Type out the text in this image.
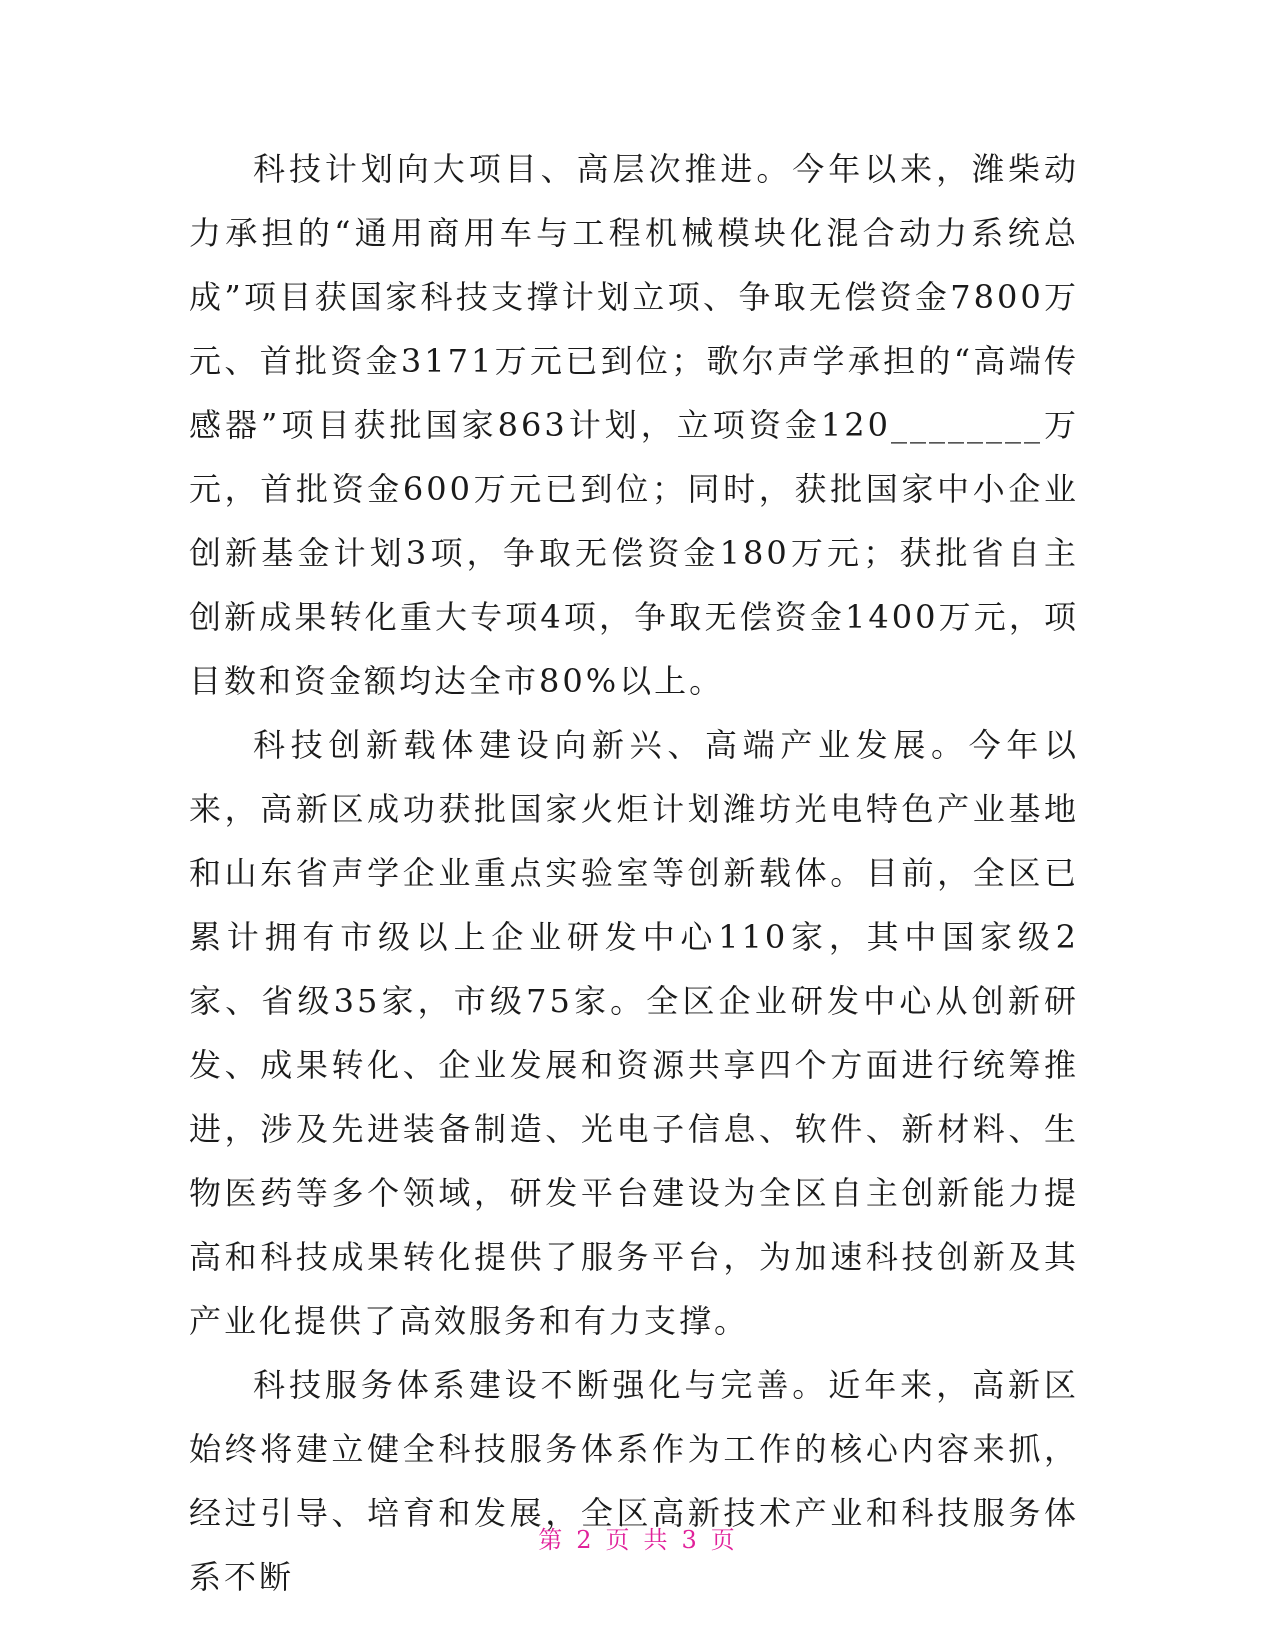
科技计划向大项目、高层次推进。今年以来，潍柴动力承担的“通用商用车与工程机械模块化混合动力系统总成”项目获国家科技支撑计划立项、争取无偿资金7800万元、首批资金3171万元已到位；歌尔声学承担的“高端传感器”项目获批国家863计划，立项资金120________万元，首批资金600万元已到位；同时，获批国家中小企业创新基金计划3项，争取无偿资金180万元；获批省自主创新成果转化重大专项4项，争取无偿资金1400万元，项目数和资金额均达全市80%以上。

科技创新载体建设向新兴、高端产业发展。今年以来，高新区成功获批国家火炬计划潍坊光电特色产业基地和山东省声学企业重点实验室等创新载体。目前，全区已累计拥有市级以上企业研发中心110家，其中国家级2家、省级35家，市级75家。全区企业研发中心从创新研发、成果转化、企业发展和资源共享四个方面进行统筹推进，涉及先进装备制造、光电子信息、软件、新材料、生物医药等多个领域，研发平台建设为全区自主创新能力提高和科技成果转化提供了服务平台，为加速科技创新及其产业化提供了高效服务和有力支撑。

科技服务体系建设不断强化与完善。近年来，高新区始终将建立健全科技服务体系作为工作的核心内容来抓，经过引导、培育和发展，全区高新技术产业和科技服务体系不断

第 2 页 共 3 页
